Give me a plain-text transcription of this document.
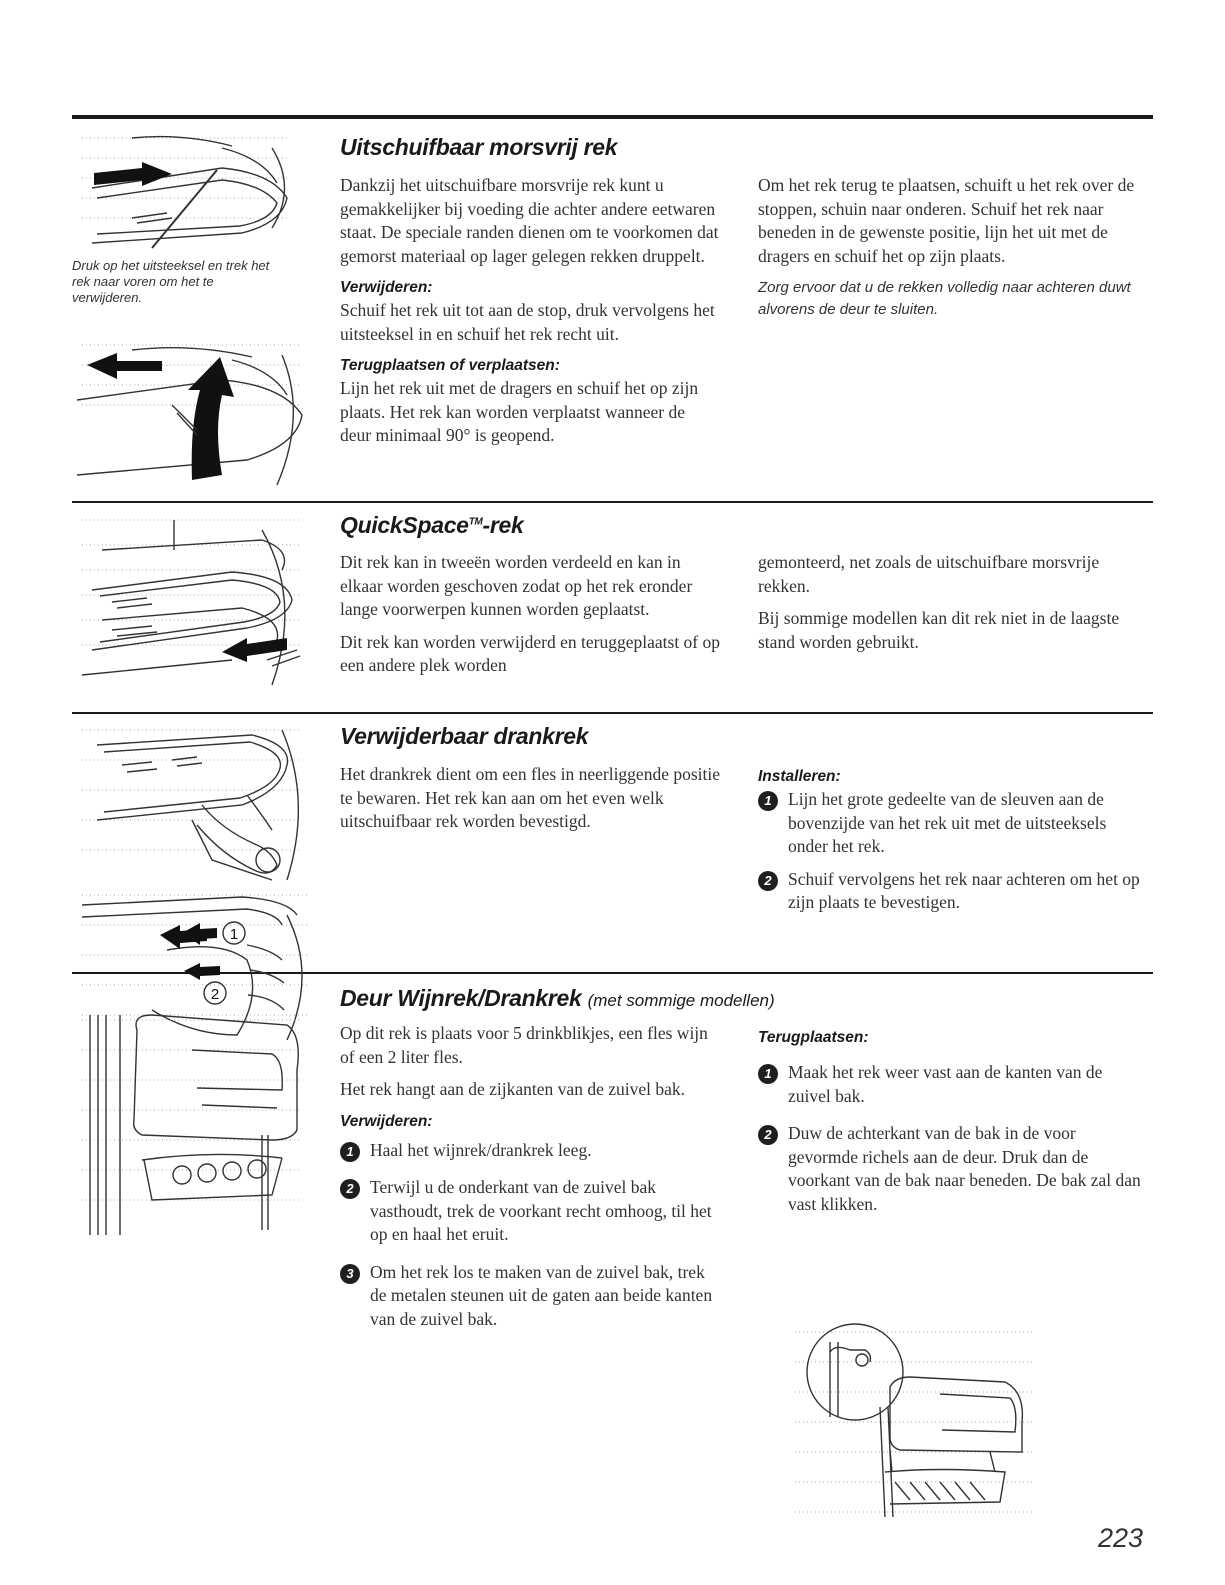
Druk op het uitsteeksel en trek het rek naar voren om het te verwijderen.
Uitschuifbaar morsvrij rek

Dankzij het uitschuifbare morsvrije rek kunt u gemakkelijker bij voeding die achter andere eetwaren staat. De speciale randen dienen om te voorkomen dat gemorst materiaal op lager gelegen rekken druppelt.

Verwijderen:

Schuif het rek uit tot aan de stop, druk vervolgens het uitsteeksel in en schuif het rek recht uit.

Terugplaatsen of verplaatsen:

Lijn het rek uit met de dragers en schuif het op zijn plaats. Het rek kan worden verplaatst wanneer de deur minimaal 90° is geopend.

Om het rek terug te plaatsen, schuift u het rek over de stoppen, schuin naar onderen. Schuif het rek naar beneden in de gewenste positie, lijn het uit met de dragers en schuif het op zijn plaats.

Zorg ervoor dat u de rekken volledig naar achteren duwt alvorens de deur te sluiten.
QuickSpace™-rek

Dit rek kan in tweeën worden verdeeld en kan in elkaar worden geschoven zodat op het rek eronder lange voorwerpen kunnen worden geplaatst.

Dit rek kan worden verwijderd en teruggeplaatst of op een andere plek worden

gemonteerd, net zoals de uitschuifbare morsvrije rekken.

Bij sommige modellen kan dit rek niet in de laagste stand worden gebruikt.

1
2
Verwijderbaar drankrek

Het drankrek dient om een fles in neerliggende positie te bewaren. Het rek kan aan om het even welk uitschuifbaar rek worden bevestigd.

Installeren:
1 Lijn het grote gedeelte van de sleuven aan de bovenzijde van het rek uit met de uitsteeksels onder het rek.
2 Schuif vervolgens het rek naar achteren om het op zijn plaats te bevestigen.
Deur Wijnrek/Drankrek (met sommige modellen)

Op dit rek is plaats voor 5 drinkblikjes, een fles wijn of een 2 liter fles.

Het rek hangt aan de zijkanten van de zuivel bak.

Verwijderen:
1 Haal het wijnrek/drankrek leeg.
2 Terwijl u de onderkant van de zuivel bak vasthoudt, trek de voorkant recht omhoog, til het op en haal het eruit.
3 Om het rek los te maken van de zuivel bak, trek de metalen steunen uit de gaten aan beide kanten van de zuivel bak.
Terugplaatsen:
1 Maak het rek weer vast aan de kanten van de zuivel bak.
2 Duw de achterkant van de bak in de voor gevormde richels aan de deur. Druk dan de voorkant van de bak naar beneden. De bak zal dan vast klikken.
223
